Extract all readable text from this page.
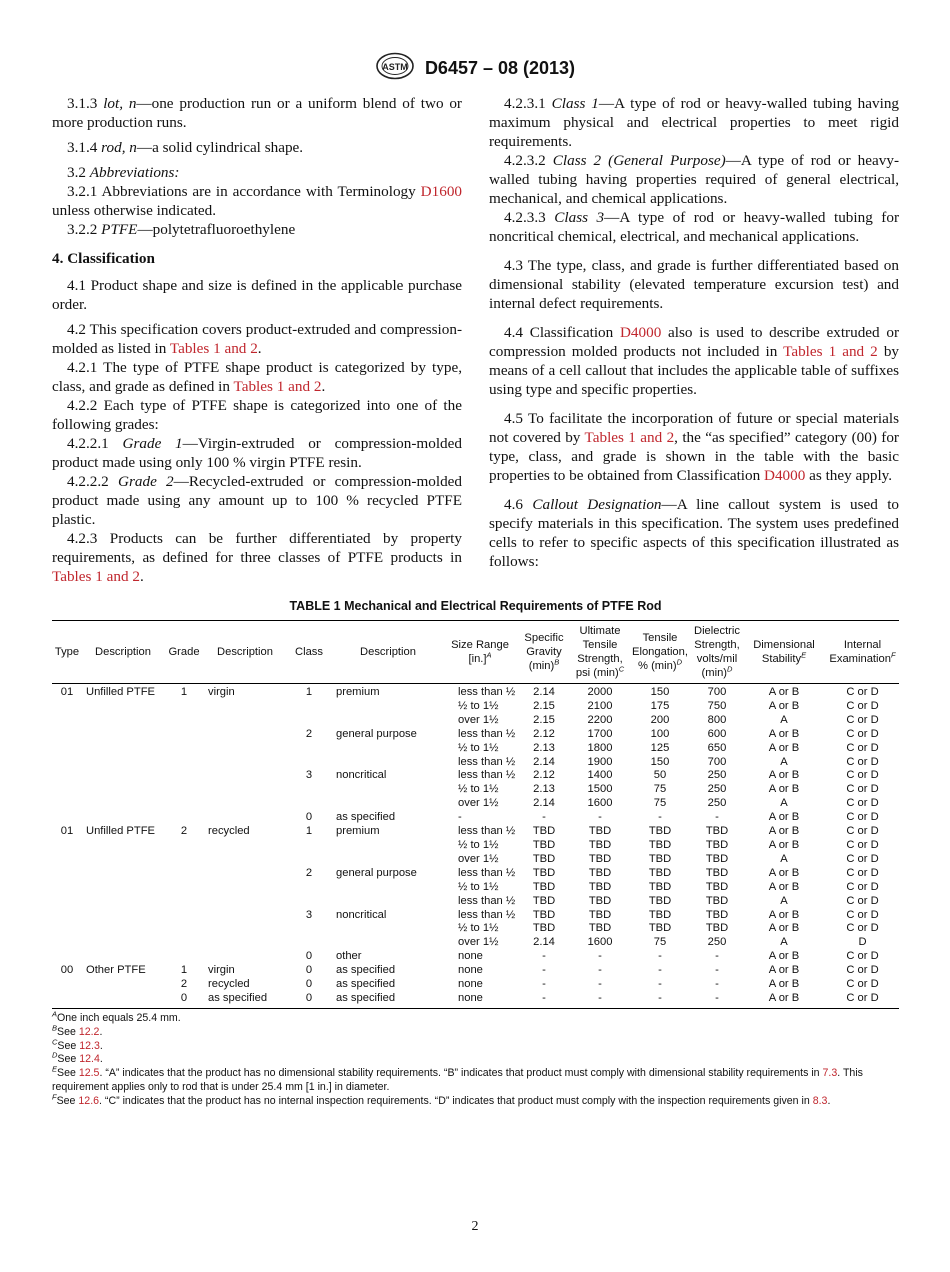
ASTM D6457 – 08 (2013)

3.1.3 lot, n—one production run or a uniform blend of two or more production runs.

3.1.4 rod, n—a solid cylindrical shape.

3.2 Abbreviations:

3.2.1 Abbreviations are in accordance with Terminology D1600 unless otherwise indicated.

3.2.2 PTFE—polytetrafluoroethylene

4. Classification

4.1 Product shape and size is defined in the applicable purchase order.

4.2 This specification covers product-extruded and compression-molded as listed in Tables 1 and 2.

4.2.1 The type of PTFE shape product is categorized by type, class, and grade as defined in Tables 1 and 2.

4.2.2 Each type of PTFE shape is categorized into one of the following grades:

4.2.2.1 Grade 1—Virgin-extruded or compression-molded product made using only 100 % virgin PTFE resin.

4.2.2.2 Grade 2—Recycled-extruded or compression-molded product made using any amount up to 100 % recycled PTFE plastic.

4.2.3 Products can be further differentiated by property requirements, as defined for three classes of PTFE products in Tables 1 and 2.

4.2.3.1 Class 1—A type of rod or heavy-walled tubing having maximum physical and electrical properties to meet rigid requirements.

4.2.3.2 Class 2 (General Purpose)—A type of rod or heavy-walled tubing having properties required of general electrical, mechanical, and chemical applications.

4.2.3.3 Class 3—A type of rod or heavy-walled tubing for noncritical chemical, electrical, and mechanical applications.

4.3 The type, class, and grade is further differentiated based on dimensional stability (elevated temperature excursion test) and internal defect requirements.

4.4 Classification D4000 also is used to describe extruded or compression molded products not included in Tables 1 and 2 by means of a cell callout that includes the applicable table of suffixes using type and specific properties.

4.5 To facilitate the incorporation of future or special materials not covered by Tables 1 and 2, the “as specified” category (00) for type, class, and grade is shown in the table with the basic properties to be obtained from Classification D4000 as they apply.

4.6 Callout Designation—A line callout system is used to specify materials in this specification. The system uses predefined cells to refer to specific aspects of this specification illustrated as follows:

TABLE 1 Mechanical and Electrical Requirements of PTFE Rod
Type	Description	Grade	Description	Class	Description	Size Range $[in.]^A$	Specific Gravity $(\min)^B$	Ultimate Tensile Strength, psi $(\min)^C$	Tensile Elongation, % $(\min)^D$	Dielectric Strength, volts/mil $(\min)^D$	Dimensional Stability$^E$	Internal Examination$^F$
01	Unfilled PTFE	1	virgin	1	premium	less than ½	2.14	2000	150	700	A or B	C or D
						½ to 1½	2.15	2100	175	750	A or B	C or D
						over 1½	2.15	2200	200	800	A	C or D
				2	general purpose	less than ½	2.12	1700	100	600	A or B	C or D
						½ to 1½	2.13	1800	125	650	A or B	C or D
						less than ½	2.14	1900	150	700	A	C or D
				3	noncritical	less than ½	2.12	1400	50	250	A or B	C or D
						½ to 1½	2.13	1500	75	250	A or B	C or D
						over 1½	2.14	1600	75	250	A	C or D
				0	as specified	-	-	-	-	-	A or B	C or D
01	Unfilled PTFE	2	recycled	1	premium	less than ½	TBD	TBD	TBD	TBD	A or B	C or D
						½ to 1½	TBD	TBD	TBD	TBD	A or B	C or D
						over 1½	TBD	TBD	TBD	TBD	A	C or D
				2	general purpose	less than ½	TBD	TBD	TBD	TBD	A or B	C or D
						½ to 1½	TBD	TBD	TBD	TBD	A or B	C or D
						less than ½	TBD	TBD	TBD	TBD	A	C or D
				3	noncritical	less than ½	TBD	TBD	TBD	TBD	A or B	C or D
						½ to 1½	TBD	TBD	TBD	TBD	A or B	C or D
						over 1½	2.14	1600	75	250	A	D
				0	other	none	-	-	-	-	A or B	C or D
00	Other PTFE	1	virgin	0	as specified	none	-	-	-	-	A or B	C or D
		2	recycled	0	as specified	none	-	-	-	-	A or B	C or D
		0	as specified	0	as specified	none	-	-	-	-	A or B	C or D
$^A$One inch equals 25.4 mm.
$^B$See 12.2.
$^C$See 12.3.
$^D$See 12.4.
$^E$See 12.5. “A” indicates that the product has no dimensional stability requirements. “B” indicates that product must comply with dimensional stability requirements in 7.3. This requirement applies only to rod that is under 25.4 mm [1 in.] in diameter.
$^F$See 12.6. “C” indicates that the product has no internal inspection requirements. “D” indicates that product must comply with the inspection requirements given in 8.3.
2
